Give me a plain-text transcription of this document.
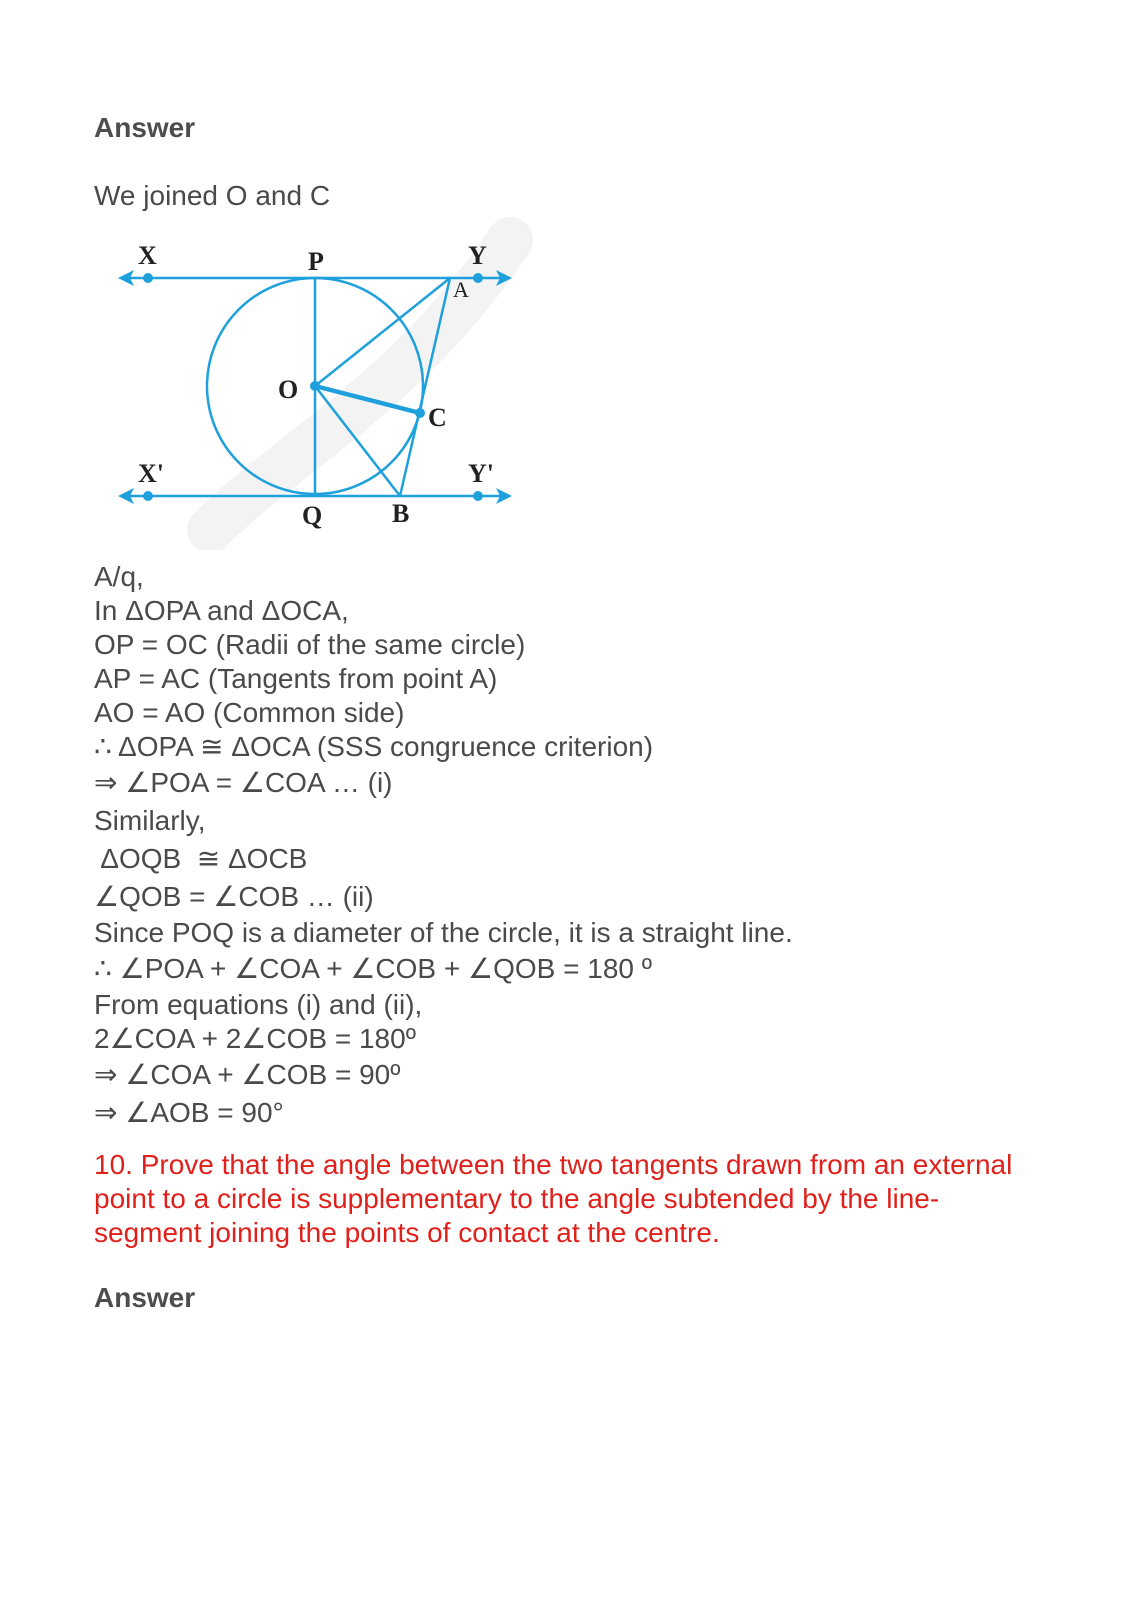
Answer
We joined O and C
X	P	Y
A
O
C
X'	Y'
Q	B
A/q,
In ΔOPA and ΔOCA,
OP = OC (Radii of the same circle)
AP = AC (Tangents from point A)
AO = AO (Common side)
∴ ΔOPA ≅ ΔOCA (SSS congruence criterion)
⇒ ∠POA = ∠COA … (i)
Similarly,
ΔOQB  ≅ ΔOCB
∠QOB = ∠COB … (ii)
Since POQ is a diameter of the circle, it is a straight line.
∴ ∠POA + ∠COA + ∠COB + ∠QOB = 180 º
From equations (i) and (ii),
2∠COA + 2∠COB = 180º
⇒ ∠COA + ∠COB = 90º
⇒ ∠AOB = 90°
10. Prove that the angle between the two tangents drawn from an external point to a circle is supplementary to the angle subtended by the line-segment joining the points of contact at the centre.
Answer
